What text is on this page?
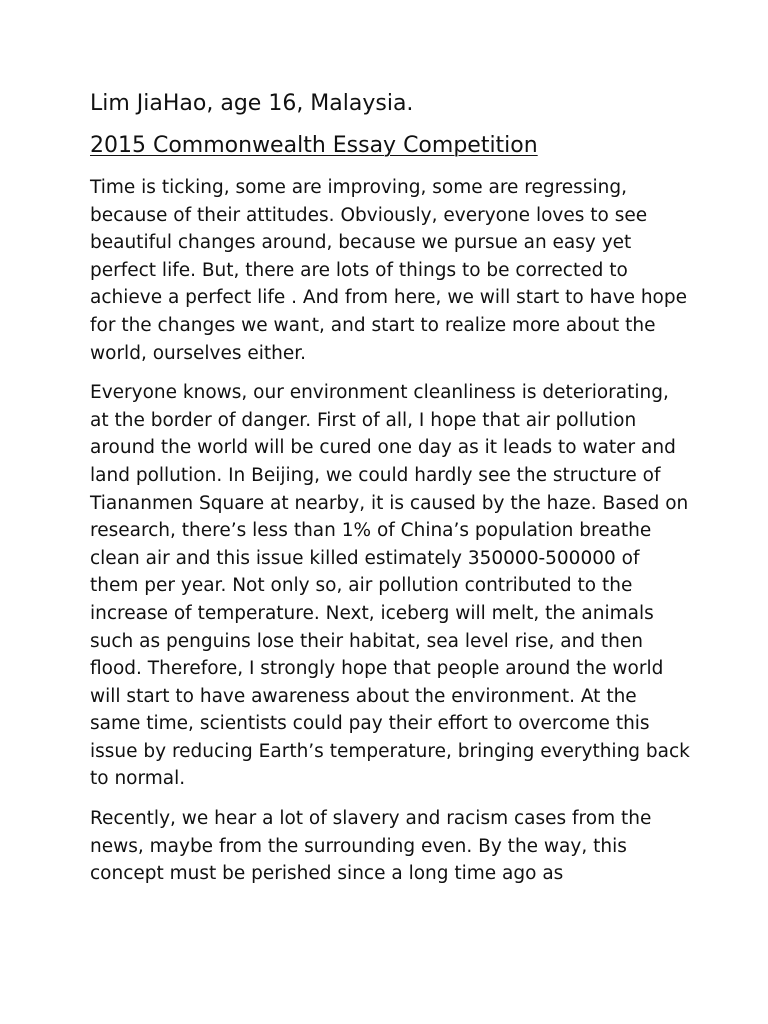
Lim JiaHao, age 16, Malaysia.
2015 Commonwealth Essay Competition

Time is ticking, some are improving, some are regressing, because of their attitudes. Obviously, everyone loves to see beautiful changes around, because we pursue an easy yet perfect life. But, there are lots of things to be corrected to achieve a perfect life . And from here, we will start to have hope for the changes we want, and start to realize more about the world, ourselves either.

Everyone knows, our environment cleanliness is deteriorating, at the border of danger. First of all, I hope that air pollution around the world will be cured one day as it leads to water and land pollution. In Beijing, we could hardly see the structure of Tiananmen Square at nearby, it is caused by the haze. Based on research, there’s less than 1% of China’s population breathe clean air and this issue killed estimately 350000-500000 of them per year. Not only so, air pollution contributed to the increase of temperature. Next, iceberg will melt, the animals such as penguins lose their habitat, sea level rise, and then flood. Therefore, I strongly hope that people around the world will start to have awareness about the environment. At the same time, scientists could pay their effort to overcome this issue by reducing Earth’s temperature, bringing everything back to normal.

Recently, we hear a lot of slavery and racism cases from the news, maybe from the surrounding even. By the way, this concept must be perished since a long time ago as
